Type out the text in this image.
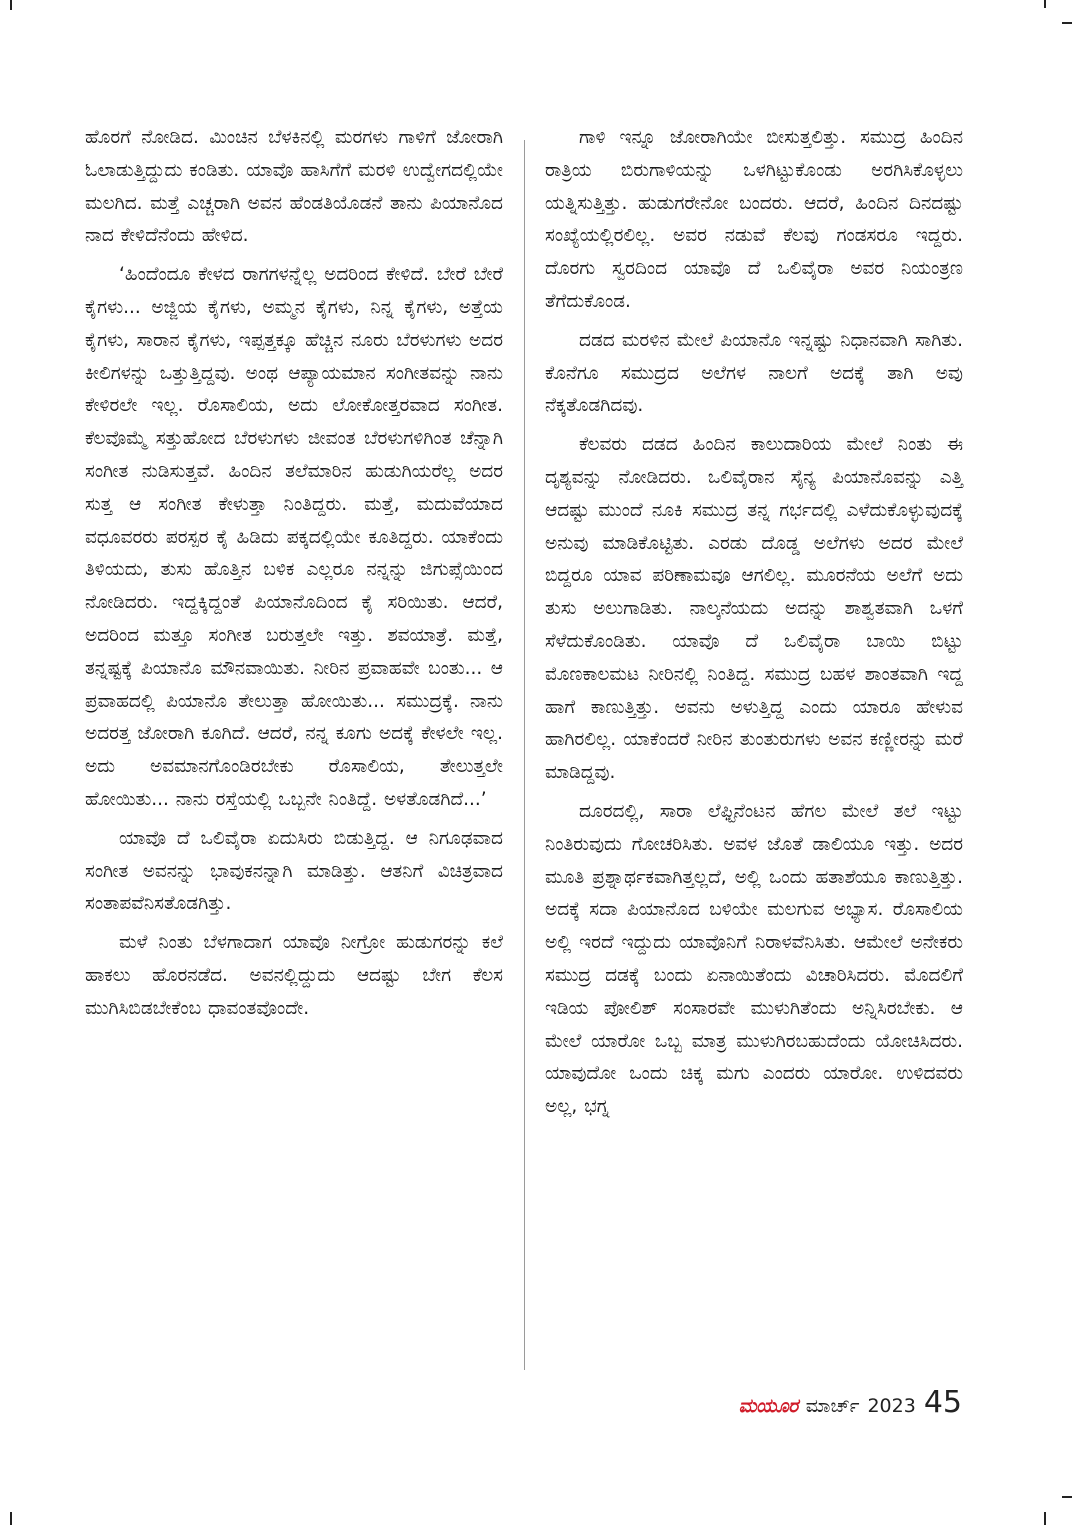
ಹೊರಗೆ ನೋಡಿದ. ಮಿಂಚಿನ ಬೆಳಕಿನಲ್ಲಿ ಮರಗಳು ಗಾಳಿಗೆ ಜೋರಾಗಿ ಓಲಾಡುತ್ತಿದ್ದುದು ಕಂಡಿತು. ಯಾವೊ ಹಾಸಿಗೆಗೆ ಮರಳಿ ಉದ್ವೇಗದಲ್ಲಿಯೇ ಮಲಗಿದ. ಮತ್ತೆ ಎಚ್ಚರಾಗಿ ಅವನ ಹೆಂಡತಿಯೊಡನೆ ತಾನು ಪಿಯಾನೊದ ನಾದ ಕೇಳಿದೆನೆಂದು ಹೇಳಿದ.

‘ಹಿಂದೆಂದೂ ಕೇಳದ ರಾಗಗಳನ್ನೆಲ್ಲ ಅದರಿಂದ ಕೇಳಿದೆ. ಬೇರೆ ಬೇರೆ ಕೈಗಳು... ಅಜ್ಜಿಯ ಕೈಗಳು, ಅಮ್ಮನ ಕೈಗಳು, ನಿನ್ನ ಕೈಗಳು, ಅತ್ತೆಯ ಕೈಗಳು, ಸಾರಾನ ಕೈಗಳು, ಇಪ್ಪತ್ತಕ್ಕೂ ಹೆಚ್ಚಿನ ನೂರು ಬೆರಳುಗಳು ಅದರ ಕೀಲಿಗಳನ್ನು ಒತ್ತುತ್ತಿದ್ದವು. ಅಂಥ ಆಪ್ಯಾಯಮಾನ ಸಂಗೀತವನ್ನು ನಾನು ಕೇಳಿರಲೇ ಇಲ್ಲ. ರೊಸಾಲಿಯ, ಅದು ಲೋಕೋತ್ತರವಾದ ಸಂಗೀತ. ಕೆಲವೊಮ್ಮೆ ಸತ್ತುಹೋದ ಬೆರಳುಗಳು ಜೀವಂತ ಬೆರಳುಗಳಿಗಿಂತ ಚೆನ್ನಾಗಿ ಸಂಗೀತ ನುಡಿಸುತ್ತವೆ. ಹಿಂದಿನ ತಲೆಮಾರಿನ ಹುಡುಗಿಯರೆಲ್ಲ ಅದರ ಸುತ್ತ ಆ ಸಂಗೀತ ಕೇಳುತ್ತಾ ನಿಂತಿದ್ದರು. ಮತ್ತೆ, ಮದುವೆಯಾದ ವಧೂವರರು ಪರಸ್ಪರ ಕೈ ಹಿಡಿದು ಪಕ್ಕದಲ್ಲಿಯೇ ಕೂತಿದ್ದರು. ಯಾಕೆಂದು ತಿಳಿಯದು, ತುಸು ಹೊತ್ತಿನ ಬಳಿಕ ಎಲ್ಲರೂ ನನ್ನನ್ನು ಜಿಗುಪ್ಸೆಯಿಂದ ನೋಡಿದರು. ಇದ್ದಕ್ಕಿದ್ದಂತೆ ಪಿಯಾನೊದಿಂದ ಕೈ ಸರಿಯಿತು. ಆದರೆ, ಅದರಿಂದ ಮತ್ತೂ ಸಂಗೀತ ಬರುತ್ತಲೇ ಇತ್ತು. ಶವಯಾತ್ರೆ. ಮತ್ತೆ, ತನ್ನಷ್ಟಕ್ಕೆ ಪಿಯಾನೊ ಮೌನವಾಯಿತು. ನೀರಿನ ಪ್ರವಾಹವೇ ಬಂತು... ಆ ಪ್ರವಾಹದಲ್ಲಿ ಪಿಯಾನೊ ತೇಲುತ್ತಾ ಹೋಯಿತು... ಸಮುದ್ರಕ್ಕೆ. ನಾನು ಅದರತ್ತ ಜೋರಾಗಿ ಕೂಗಿದೆ. ಆದರೆ, ನನ್ನ ಕೂಗು ಅದಕ್ಕೆ ಕೇಳಲೇ ಇಲ್ಲ. ಅದು ಅವಮಾನಗೊಂಡಿರಬೇಕು ರೊಸಾಲಿಯ, ತೇಲುತ್ತಲೇ ಹೋಯಿತು... ನಾನು ರಸ್ತೆಯಲ್ಲಿ ಒಬ್ಬನೇ ನಿಂತಿದ್ದೆ. ಅಳತೊಡಗಿದೆ...’

ಯಾವೊ ದೆ ಒಲಿವೈರಾ ಏದುಸಿರು ಬಿಡುತ್ತಿದ್ದ. ಆ ನಿಗೂಢವಾದ ಸಂಗೀತ ಅವನನ್ನು ಭಾವುಕನನ್ನಾಗಿ ಮಾಡಿತ್ತು. ಆತನಿಗೆ ವಿಚಿತ್ರವಾದ ಸಂತಾಪವೆನಿಸತೊಡಗಿತ್ತು.

ಮಳೆ ನಿಂತು ಬೆಳಗಾದಾಗ ಯಾವೊ ನೀಗ್ರೋ ಹುಡುಗರನ್ನು ಕಲೆ ಹಾಕಲು ಹೊರನಡೆದ. ಅವನಲ್ಲಿದ್ದುದು ಆದಷ್ಟು ಬೇಗ ಕೆಲಸ ಮುಗಿಸಿಬಿಡಬೇಕೆಂಬ ಧಾವಂತವೊಂದೇ.

ಗಾಳಿ ಇನ್ನೂ ಜೋರಾಗಿಯೇ ಬೀಸುತ್ತಲಿತ್ತು. ಸಮುದ್ರ ಹಿಂದಿನ ರಾತ್ರಿಯ ಬಿರುಗಾಳಿಯನ್ನು ಒಳಗಿಟ್ಟುಕೊಂಡು ಅರಗಿಸಿಕೊಳ್ಳಲು ಯತ್ನಿಸುತ್ತಿತ್ತು. ಹುಡುಗರೇನೋ ಬಂದರು. ಆದರೆ, ಹಿಂದಿನ ದಿನದಷ್ಟು ಸಂಖ್ಯೆಯಲ್ಲಿರಲಿಲ್ಲ. ಅವರ ನಡುವೆ ಕೆಲವು ಗಂಡಸರೂ ಇದ್ದರು. ದೊರಗು ಸ್ವರದಿಂದ ಯಾವೊ ದೆ ಒಲಿವೈರಾ ಅವರ ನಿಯಂತ್ರಣ ತೆಗೆದುಕೊಂಡ.

ದಡದ ಮರಳಿನ ಮೇಲೆ ಪಿಯಾನೊ ಇನ್ನಷ್ಟು ನಿಧಾನವಾಗಿ ಸಾಗಿತು. ಕೊನೆಗೂ ಸಮುದ್ರದ ಅಲೆಗಳ ನಾಲಗೆ ಅದಕ್ಕೆ ತಾಗಿ ಅವು ನೆಕ್ಕತೊಡಗಿದವು.

ಕೆಲವರು ದಡದ ಹಿಂದಿನ ಕಾಲುದಾರಿಯ ಮೇಲೆ ನಿಂತು ಈ ದೃಶ್ಯವನ್ನು ನೋಡಿದರು. ಒಲಿವೈರಾನ ಸೈನ್ಯ ಪಿಯಾನೊವನ್ನು ಎತ್ತಿ ಆದಷ್ಟು ಮುಂದೆ ನೂಕಿ ಸಮುದ್ರ ತನ್ನ ಗರ್ಭದಲ್ಲಿ ಎಳೆದುಕೊಳ್ಳುವುದಕ್ಕೆ ಅನುವು ಮಾಡಿಕೊಟ್ಟಿತು. ಎರಡು ದೊಡ್ಡ ಅಲೆಗಳು ಅದರ ಮೇಲೆ ಬಿದ್ದರೂ ಯಾವ ಪರಿಣಾಮವೂ ಆಗಲಿಲ್ಲ. ಮೂರನೆಯ ಅಲೆಗೆ ಅದು ತುಸು ಅಲುಗಾಡಿತು. ನಾಲ್ಕನೆಯದು ಅದನ್ನು ಶಾಶ್ವತವಾಗಿ ಒಳಗೆ ಸೆಳೆದುಕೊಂಡಿತು. ಯಾವೊ ದೆ ಒಲಿವೈರಾ ಬಾಯಿ ಬಿಟ್ಟು ಮೊಣಕಾಲಮಟ ನೀರಿನಲ್ಲಿ ನಿಂತಿದ್ದ. ಸಮುದ್ರ ಬಹಳ ಶಾಂತವಾಗಿ ಇದ್ದ ಹಾಗೆ ಕಾಣುತ್ತಿತ್ತು. ಅವನು ಅಳುತ್ತಿದ್ದ ಎಂದು ಯಾರೂ ಹೇಳುವ ಹಾಗಿರಲಿಲ್ಲ. ಯಾಕೆಂದರೆ ನೀರಿನ ತುಂತುರುಗಳು ಅವನ ಕಣ್ಣೀರನ್ನು ಮರೆ ಮಾಡಿದ್ದವು.

ದೂರದಲ್ಲಿ, ಸಾರಾ ಲೆಫ್ಟಿನೆಂಟನ ಹೆಗಲ ಮೇಲೆ ತಲೆ ಇಟ್ಟು ನಿಂತಿರುವುದು ಗೋಚರಿಸಿತು. ಅವಳ ಜೊತೆ ಡಾಲಿಯೂ ಇತ್ತು. ಅದರ ಮೂತಿ ಪ್ರಶ್ನಾರ್ಥಕವಾಗಿತ್ತಲ್ಲದೆ, ಅಲ್ಲಿ ಒಂದು ಹತಾಶೆಯೂ ಕಾಣುತ್ತಿತ್ತು. ಅದಕ್ಕೆ ಸದಾ ಪಿಯಾನೊದ ಬಳಿಯೇ ಮಲಗುವ ಅಭ್ಯಾಸ. ರೊಸಾಲಿಯ ಅಲ್ಲಿ ಇರದೆ ಇದ್ದುದು ಯಾವೊನಿಗೆ ನಿರಾಳವೆನಿಸಿತು. ಆಮೇಲೆ ಅನೇಕರು ಸಮುದ್ರ ದಡಕ್ಕೆ ಬಂದು ಏನಾಯಿತೆಂದು ವಿಚಾರಿಸಿದರು. ಮೊದಲಿಗೆ ಇಡಿಯ ಪೋಲಿಶ್ ಸಂಸಾರವೇ ಮುಳುಗಿತೆಂದು ಅನ್ನಿಸಿರಬೇಕು. ಆ ಮೇಲೆ ಯಾರೋ ಒಬ್ಬ ಮಾತ್ರ ಮುಳುಗಿರಬಹುದೆಂದು ಯೋಚಿಸಿದರು. ಯಾವುದೋ ಒಂದು ಚಿಕ್ಕ ಮಗು ಎಂದರು ಯಾರೋ. ಉಳಿದವರು ಅಲ್ಲ, ಭಗ್ನ

ಮಯೂರ ಮಾರ್ಚ್ 2023 45
